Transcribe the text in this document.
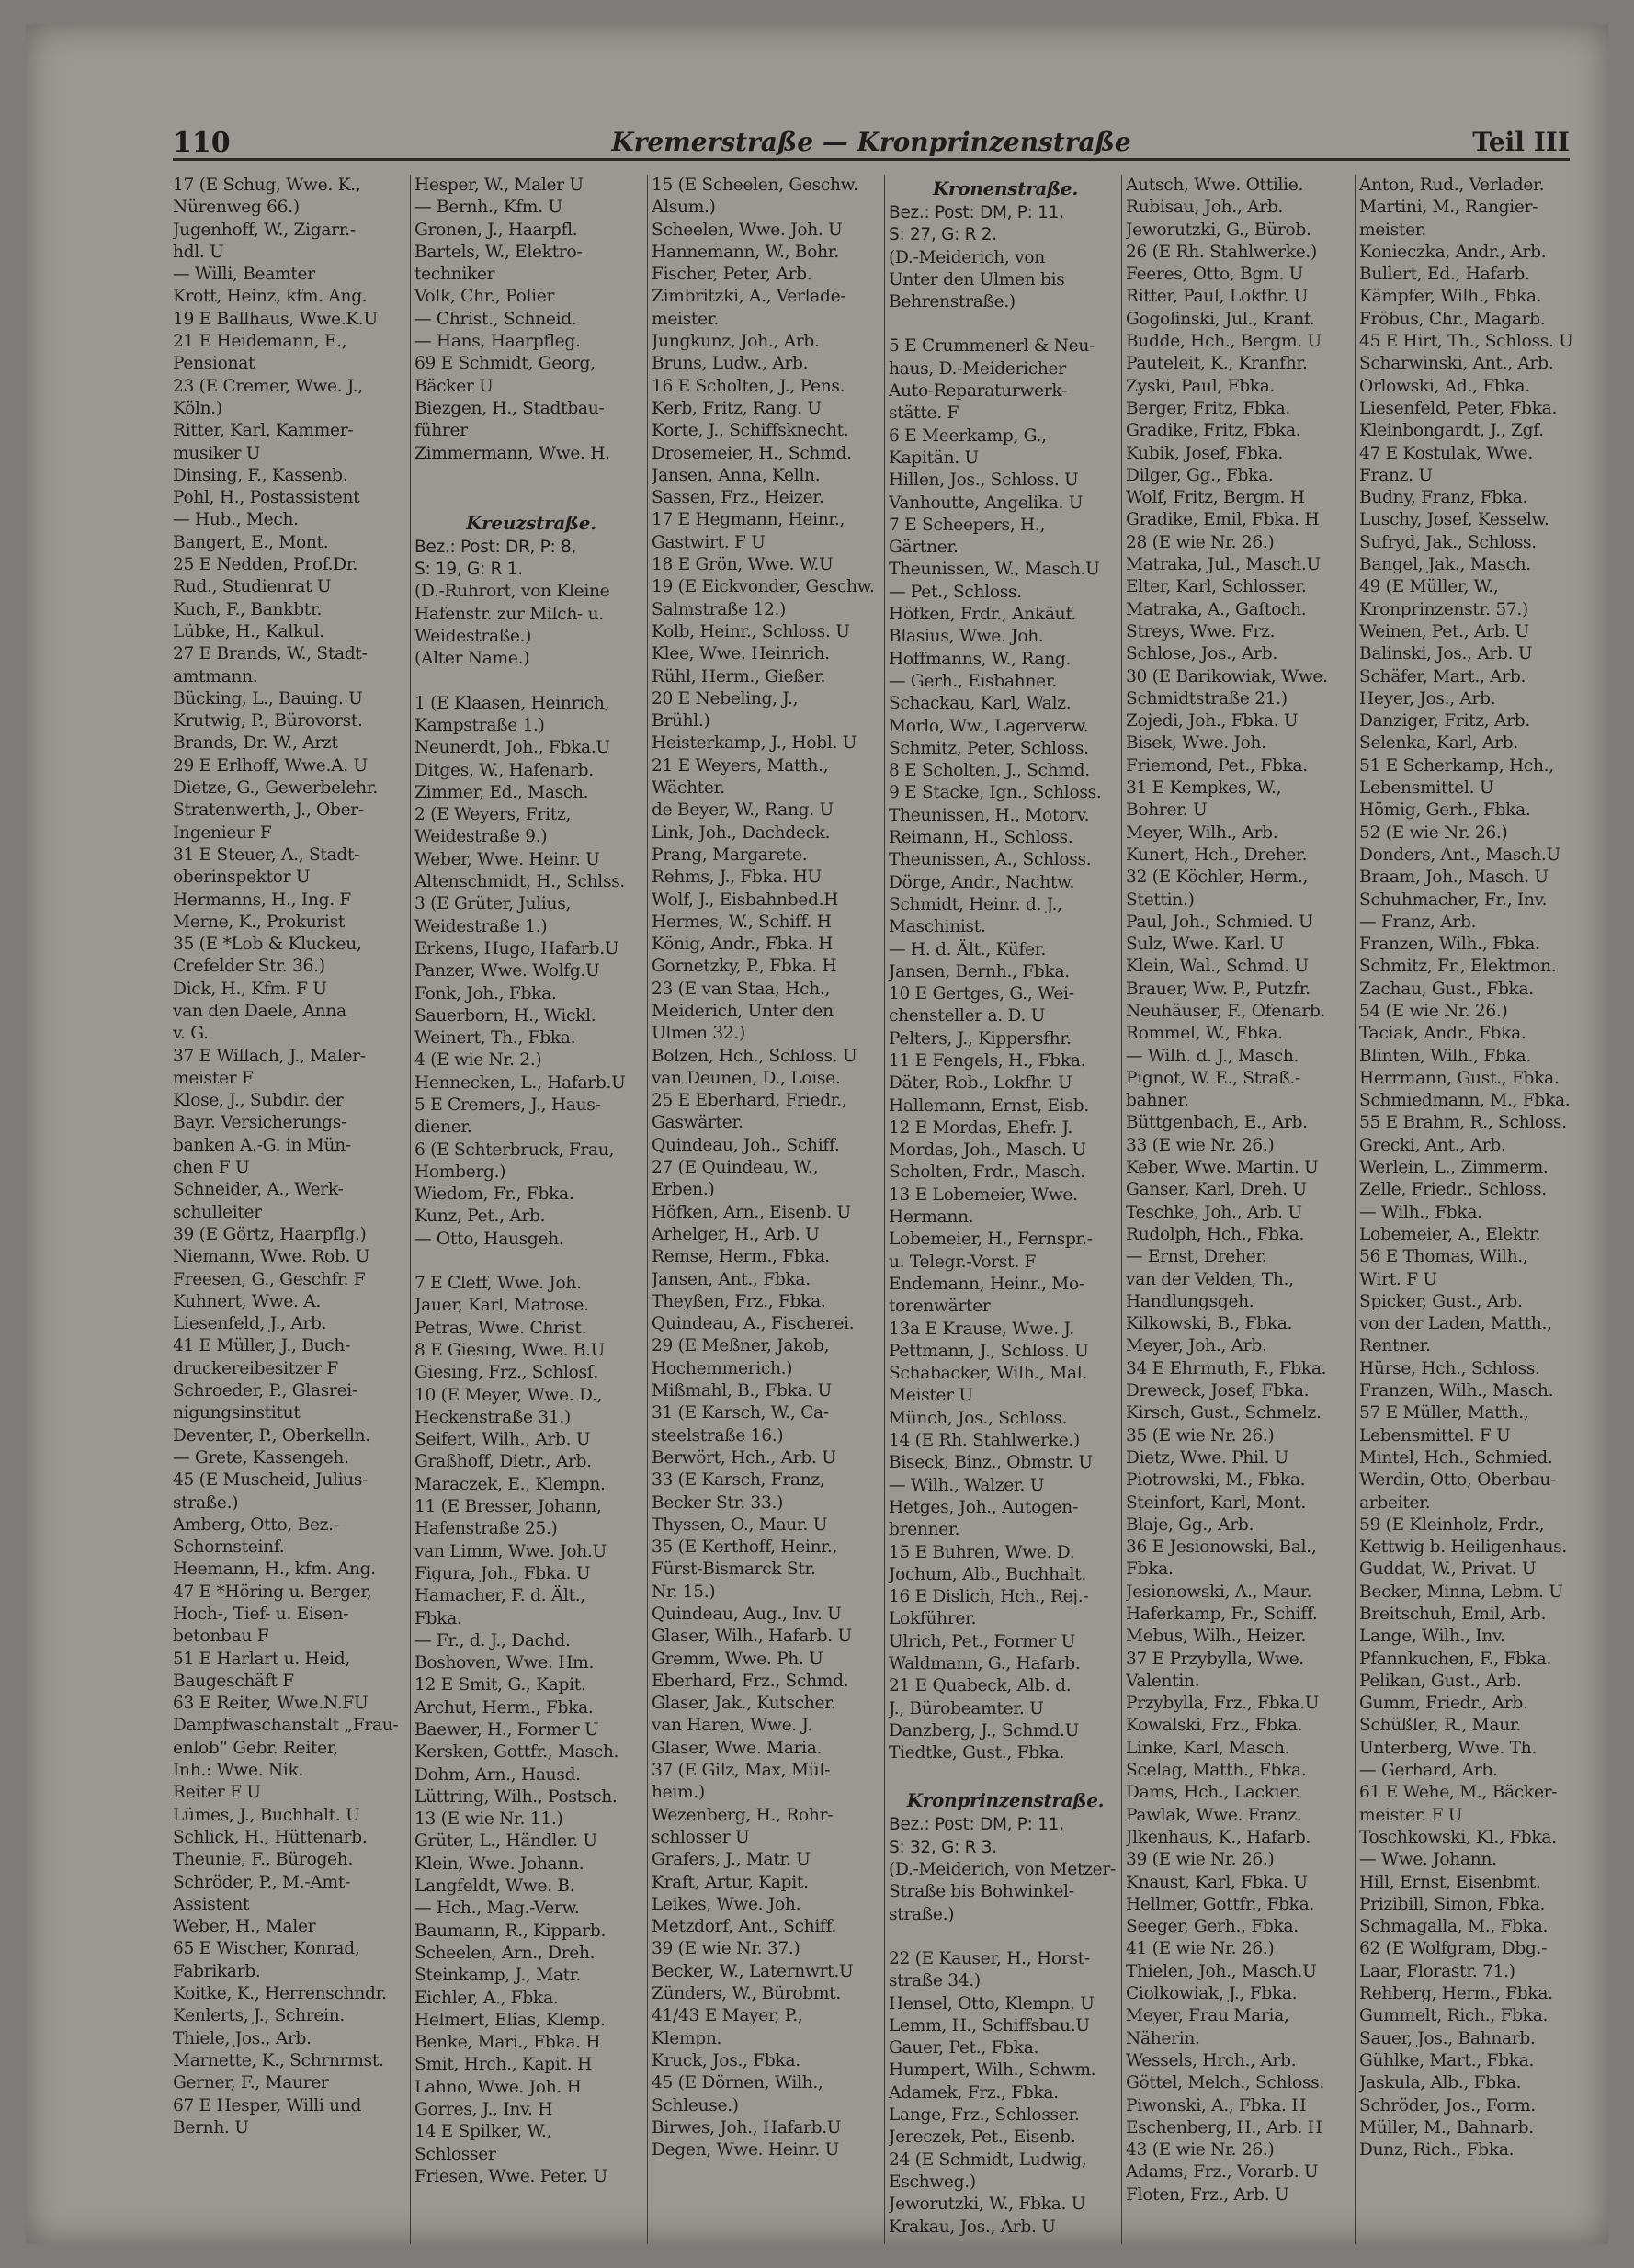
110	Kremerstraße — Kronprinzenstraße	Teil III
17 (E Schug, Wwe. K.,
Nürenweg 66.)
Jugenhoff, W., Zigarr.-
hdl. U
— Willi, Beamter
Krott, Heinz, kfm. Ang.
19 E Ballhaus, Wwe.K.U
21 E Heidemann, E.,
Pensionat
23 (E Cremer, Wwe. J.,
Köln.)
Ritter, Karl, Kammer-
musiker U
Dinsing, F., Kassenb.
Pohl, H., Postassistent
— Hub., Mech.
Bangert, E., Mont.
25 E Nedden, Prof.Dr.
Rud., Studienrat U
Kuch, F., Bankbtr.
Lübke, H., Kalkul.
27 E Brands, W., Stadt-
amtmann.
Bücking, L., Bauing. U
Krutwig, P., Bürovorst.
Brands, Dr. W., Arzt
29 E Erlhoff, Wwe.A. U
Dietze, G., Gewerbelehr.
Stratenwerth, J., Ober-
Ingenieur F
31 E Steuer, A., Stadt-
oberinspektor U
Hermanns, H., Ing. F
Merne, K., Prokurist
35 (E *Lob & Kluckeu,
Crefelder Str. 36.)
Dick, H., Kfm. F U
van den Daele, Anna
v. G.
37 E Willach, J., Maler-
meister F
Klose, J., Subdir. der
Bayr. Versicherungs-
banken A.-G. in Mün-
chen F U
Schneider, A., Werk-
schulleiter
39 (E Görtz, Haarpflg.)
Niemann, Wwe. Rob. U
Freesen, G., Geschfr. F
Kuhnert, Wwe. A.
Liesenfeld, J., Arb.
41 E Müller, J., Buch-
druckereibesitzer F
Schroeder, P., Glasrei-
nigungsinstitut
Deventer, P., Oberkelln.
— Grete, Kassengeh.
45 (E Muscheid, Julius-
straße.)
Amberg, Otto, Bez.-
Schornsteinf.
Heemann, H., kfm. Ang.
47 E *Höring u. Berger,
Hoch-, Tief- u. Eisen-
betonbau F
51 E Harlart u. Heid,
Baugeschäft F
63 E Reiter, Wwe.N.FU
Dampfwaschanstalt „Frau-
enlob“ Gebr. Reiter,
Inh.: Wwe. Nik.
Reiter F U
Lümes, J., Buchhalt. U
Schlick, H., Hüttenarb.
Theunie, F., Bürogeh.
Schröder, P., M.-Amt-
Assistent
Weber, H., Maler
65 E Wischer, Konrad,
Fabrikarb.
Koitke, K., Herrenschndr.
Kenlerts, J., Schrein.
Thiele, Jos., Arb.
Marnette, K., Schrnrmst.
Gerner, F., Maurer
67 E Hesper, Willi und
Bernh. U
Hesper, W., Maler U
— Bernh., Kfm. U
Gronen, J., Haarpfl.
Bartels, W., Elektro-
techniker
Volk, Chr., Polier
— Christ., Schneid.
— Hans, Haarpfleg.
69 E Schmidt, Georg,
Bäcker U
Biezgen, H., Stadtbau-
führer
Zimmermann, Wwe. H.
Kreuzstraße.
Bez.: Post: DR, P: 8,
S: 19, G: R 1.
(D.-Ruhrort, von Kleine
Hafenstr. zur Milch- u.
Weidestraße.)
(Alter Name.)
1 (E Klaasen, Heinrich,
Kampstraße 1.)
Neunerdt, Joh., Fbka.U
Ditges, W., Hafenarb.
Zimmer, Ed., Masch.
2 (E Weyers, Fritz,
Weidestraße 9.)
Weber, Wwe. Heinr. U
Altenschmidt, H., Schlss.
3 (E Grüter, Julius,
Weidestraße 1.)
Erkens, Hugo, Hafarb.U
Panzer, Wwe. Wolfg.U
Fonk, Joh., Fbka.
Sauerborn, H., Wickl.
Weinert, Th., Fbka.
4 (E wie Nr. 2.)
Hennecken, L., Hafarb.U
5 E Cremers, J., Haus-
diener.
6 (E Schterbruck, Frau,
Homberg.)
Wiedom, Fr., Fbka.
Kunz, Pet., Arb.
— Otto, Hausgeh.
7 E Cleff, Wwe. Joh.
Jauer, Karl, Matrose.
Petras, Wwe. Christ.
8 E Giesing, Wwe. B.U
Giesing, Frz., Schlosſ.
10 (E Meyer, Wwe. D.,
Heckenstraße 31.)
Seifert, Wilh., Arb. U
Graßhoff, Dietr., Arb.
Maraczek, E., Klempn.
11 (E Bresser, Johann,
Hafenstraße 25.)
van Limm, Wwe. Joh.U
Figura, Joh., Fbka. U
Hamacher, F. d. Ält.,
Fbka.
— Fr., d. J., Dachd.
Boshoven, Wwe. Hm.
12 E Smit, G., Kapit.
Archut, Herm., Fbka.
Baewer, H., Former U
Kersken, Gottfr., Masch.
Dohm, Arn., Hausd.
Lüttring, Wilh., Postsch.
13 (E wie Nr. 11.)
Grüter, L., Händler. U
Klein, Wwe. Johann.
Langfeldt, Wwe. B.
— Hch., Mag.-Verw.
Baumann, R., Kipparb.
Scheelen, Arn., Dreh.
Steinkamp, J., Matr.
Eichler, A., Fbka.
Helmert, Elias, Klemp.
Benke, Mari., Fbka. H
Smit, Hrch., Kapit. H
Lahno, Wwe. Joh. H
Gorres, J., Inv. H
14 E Spilker, W.,
Schlosser
Friesen, Wwe. Peter. U
15 (E Scheelen, Geschw.
Alsum.)
Scheelen, Wwe. Joh. U
Hannemann, W., Bohr.
Fischer, Peter, Arb.
Zimbritzki, A., Verlade-
meister.
Jungkunz, Joh., Arb.
Bruns, Ludw., Arb.
16 E Scholten, J., Pens.
Kerb, Fritz, Rang. U
Korte, J., Schiffsknecht.
Drosemeier, H., Schmd.
Jansen, Anna, Kelln.
Sassen, Frz., Heizer.
17 E Hegmann, Heinr.,
Gastwirt. F U
18 E Grön, Wwe. W.U
19 (E Eickvonder, Geschw.
Salmstraße 12.)
Kolb, Heinr., Schloss. U
Klee, Wwe. Heinrich.
Rühl, Herm., Gießer.
20 E Nebeling, J.,
Brühl.)
Heisterkamp, J., Hobl. U
21 E Weyers, Matth.,
Wächter.
de Beyer, W., Rang. U
Link, Joh., Dachdeck.
Prang, Margarete.
Rehms, J., Fbka. HU
Wolf, J., Eisbahnbed.H
Hermes, W., Schiff. H
König, Andr., Fbka. H
Gornetzky, P., Fbka. H
23 (E van Staa, Hch.,
Meiderich, Unter den
Ulmen 32.)
Bolzen, Hch., Schloss. U
van Deunen, D., Loise.
25 E Eberhard, Friedr.,
Gaswärter.
Quindeau, Joh., Schiff.
27 (E Quindeau, W.,
Erben.)
Höfken, Arn., Eisenb. U
Arhelger, H., Arb. U
Remse, Herm., Fbka.
Jansen, Ant., Fbka.
Theyßen, Frz., Fbka.
Quindeau, A., Fischerei.
29 (E Meßner, Jakob,
Hochemmerich.)
Mißmahl, B., Fbka. U
31 (E Karsch, W., Ca-
steelstraße 16.)
Berwört, Hch., Arb. U
33 (E Karsch, Franz,
Becker Str. 33.)
Thyssen, O., Maur. U
35 (E Kerthoff, Heinr.,
Fürst-Bismarck Str.
Nr. 15.)
Quindeau, Aug., Inv. U
Glaser, Wilh., Hafarb. U
Gremm, Wwe. Ph. U
Eberhard, Frz., Schmd.
Glaser, Jak., Kutscher.
van Haren, Wwe. J.
Glaser, Wwe. Maria.
37 (E Gilz, Max, Mül-
heim.)
Wezenberg, H., Rohr-
schlosser U
Grafers, J., Matr. U
Kraft, Artur, Kapit.
Leikes, Wwe. Joh.
Metzdorf, Ant., Schiff.
39 (E wie Nr. 37.)
Becker, W., Laternwrt.U
Zünders, W., Bürobmt.
41/43 E Mayer, P.,
Klempn.
Kruck, Jos., Fbka.
45 (E Dörnen, Wilh.,
Schleuse.)
Birwes, Joh., Hafarb.U
Degen, Wwe. Heinr. U
Kronenstraße.
Bez.: Post: DM, P: 11,
S: 27, G: R 2.
(D.-Meiderich, von
Unter den Ulmen bis
Behrenstraße.)
5 E Crummenerl & Neu-
haus, D.-Meidericher
Auto-Reparaturwerk-
stätte. F
6 E Meerkamp, G.,
Kapitän. U
Hillen, Jos., Schloss. U
Vanhoutte, Angelika. U
7 E Scheepers, H.,
Gärtner.
Theunissen, W., Masch.U
— Pet., Schloss.
Höfken, Frdr., Ankäuf.
Blasius, Wwe. Joh.
Hoffmanns, W., Rang.
— Gerh., Eisbahner.
Schackau, Karl, Walz.
Morlo, Ww., Lagerverw.
Schmitz, Peter, Schloss.
8 E Scholten, J., Schmd.
9 E Stacke, Ign., Schloss.
Theunissen, H., Motorv.
Reimann, H., Schloss.
Theunissen, A., Schloss.
Dörge, Andr., Nachtw.
Schmidt, Heinr. d. J.,
Maschinist.
— H. d. Ält., Küfer.
Jansen, Bernh., Fbka.
10 E Gertges, G., Wei-
chensteller a. D. U
Pelters, J., Kippersfhr.
11 E Fengels, H., Fbka.
Däter, Rob., Lokfhr. U
Hallemann, Ernst, Eisb.
12 E Mordas, Ehefr. J.
Mordas, Joh., Masch. U
Scholten, Frdr., Masch.
13 E Lobemeier, Wwe.
Hermann.
Lobemeier, H., Fernspr.-
u. Telegr.-Vorst. F
Endemann, Heinr., Mo-
torenwärter
13a E Krause, Wwe. J.
Pettmann, J., Schloss. U
Schabacker, Wilh., Mal.
Meister U
Münch, Jos., Schloss.
14 (E Rh. Stahlwerke.)
Biseck, Binz., Obmstr. U
— Wilh., Walzer. U
Hetges, Joh., Autogen-
brenner.
15 E Buhren, Wwe. D.
Jochum, Alb., Buchhalt.
16 E Dislich, Hch., Rej.-
Lokführer.
Ulrich, Pet., Former U
Waldmann, G., Hafarb.
21 E Quabeck, Alb. d.
J., Bürobeamter. U
Danzberg, J., Schmd.U
Tiedtke, Gust., Fbka.
Kronprinzenstraße.
Bez.: Post: DM, P: 11,
S: 32, G: R 3.
(D.-Meiderich, von Metzer-
Straße bis Bohwinkel-
straße.)
22 (E Kauser, H., Horst-
straße 34.)
Hensel, Otto, Klempn. U
Lemm, H., Schiffsbau.U
Gauer, Pet., Fbka.
Humpert, Wilh., Schwm.
Adamek, Frz., Fbka.
Lange, Frz., Schlosser.
Jereczek, Pet., Eisenb.
24 (E Schmidt, Ludwig,
Eschweg.)
Jeworutzki, W., Fbka. U
Krakau, Jos., Arb. U
Autsch, Wwe. Ottilie.
Rubisau, Joh., Arb.
Jeworutzki, G., Bürob.
26 (E Rh. Stahlwerke.)
Feeres, Otto, Bgm. U
Ritter, Paul, Lokfhr. U
Gogolinski, Jul., Kranf.
Budde, Hch., Bergm. U
Pauteleit, K., Kranfhr.
Zyski, Paul, Fbka.
Berger, Fritz, Fbka.
Gradike, Fritz, Fbka.
Kubik, Josef, Fbka.
Dilger, Gg., Fbka.
Wolf, Fritz, Bergm. H
Gradike, Emil, Fbka. H
28 (E wie Nr. 26.)
Matraka, Jul., Masch.U
Elter, Karl, Schlosser.
Matraka, A., Gaſtoch.
Streys, Wwe. Frz.
Schlose, Jos., Arb.
30 (E Barikowiak, Wwe.
Schmidtstraße 21.)
Zojedi, Joh., Fbka. U
Bisek, Wwe. Joh.
Friemond, Pet., Fbka.
31 E Kempkes, W.,
Bohrer. U
Meyer, Wilh., Arb.
Kunert, Hch., Dreher.
32 (E Köchler, Herm.,
Stettin.)
Paul, Joh., Schmied. U
Sulz, Wwe. Karl. U
Klein, Wal., Schmd. U
Brauer, Ww. P., Putzfr.
Neuhäuser, F., Ofenarb.
Rommel, W., Fbka.
— Wilh. d. J., Masch.
Pignot, W. E., Straß.-
bahner.
Büttgenbach, E., Arb.
33 (E wie Nr. 26.)
Keber, Wwe. Martin. U
Ganser, Karl, Dreh. U
Teschke, Joh., Arb. U
Rudolph, Hch., Fbka.
— Ernst, Dreher.
van der Velden, Th.,
Handlungsgeh.
Kilkowski, B., Fbka.
Meyer, Joh., Arb.
34 E Ehrmuth, F., Fbka.
Dreweck, Josef, Fbka.
Kirsch, Gust., Schmelz.
35 (E wie Nr. 26.)
Dietz, Wwe. Phil. U
Piotrowski, M., Fbka.
Steinfort, Karl, Mont.
Blaje, Gg., Arb.
36 E Jesionowski, Bal.,
Fbka.
Jesionowski, A., Maur.
Haferkamp, Fr., Schiff.
Mebus, Wilh., Heizer.
37 E Przybylla, Wwe.
Valentin.
Przybylla, Frz., Fbka.U
Kowalski, Frz., Fbka.
Linke, Karl, Masch.
Scelag, Matth., Fbka.
Dams, Hch., Lackier.
Pawlak, Wwe. Franz.
Jlkenhaus, K., Hafarb.
39 (E wie Nr. 26.)
Knaust, Karl, Fbka. U
Hellmer, Gottfr., Fbka.
Seeger, Gerh., Fbka.
41 (E wie Nr. 26.)
Thielen, Joh., Masch.U
Ciolkowiak, J., Fbka.
Meyer, Frau Maria,
Näherin.
Wessels, Hrch., Arb.
Göttel, Melch., Schloss.
Piwonski, A., Fbka. H
Eschenberg, H., Arb. H
43 (E wie Nr. 26.)
Adams, Frz., Vorarb. U
Floten, Frz., Arb. U
Anton, Rud., Verlader.
Martini, M., Rangier-
meister.
Konieczka, Andr., Arb.
Bullert, Ed., Hafarb.
Kämpfer, Wilh., Fbka.
Fröbus, Chr., Magarb.
45 E Hirt, Th., Schloss. U
Scharwinski, Ant., Arb.
Orlowski, Ad., Fbka.
Liesenfeld, Peter, Fbka.
Kleinbongardt, J., Zgf.
47 E Kostulak, Wwe.
Franz. U
Budny, Franz, Fbka.
Luschy, Josef, Kesselw.
Sufryd, Jak., Schloss.
Bangel, Jak., Masch.
49 (E Müller, W.,
Kronprinzenstr. 57.)
Weinen, Pet., Arb. U
Balinski, Jos., Arb. U
Schäfer, Mart., Arb.
Heyer, Jos., Arb.
Danziger, Fritz, Arb.
Selenka, Karl, Arb.
51 E Scherkamp, Hch.,
Lebensmittel. U
Hömig, Gerh., Fbka.
52 (E wie Nr. 26.)
Donders, Ant., Masch.U
Braam, Joh., Masch. U
Schuhmacher, Fr., Inv.
— Franz, Arb.
Franzen, Wilh., Fbka.
Schmitz, Fr., Elektmon.
Zachau, Gust., Fbka.
54 (E wie Nr. 26.)
Taciak, Andr., Fbka.
Blinten, Wilh., Fbka.
Herrmann, Gust., Fbka.
Schmiedmann, M., Fbka.
55 E Brahm, R., Schloss.
Grecki, Ant., Arb.
Werlein, L., Zimmerm.
Zelle, Friedr., Schloss.
— Wilh., Fbka.
Lobemeier, A., Elektr.
56 E Thomas, Wilh.,
Wirt. F U
Spicker, Gust., Arb.
von der Laden, Matth.,
Rentner.
Hürse, Hch., Schloss.
Franzen, Wilh., Masch.
57 E Müller, Matth.,
Lebensmittel. F U
Mintel, Hch., Schmied.
Werdin, Otto, Oberbau-
arbeiter.
59 (E Kleinholz, Frdr.,
Kettwig b. Heiligenhaus.
Guddat, W., Privat. U
Becker, Minna, Lebm. U
Breitschuh, Emil, Arb.
Lange, Wilh., Inv.
Pfannkuchen, F., Fbka.
Pelikan, Gust., Arb.
Gumm, Friedr., Arb.
Schüßler, R., Maur.
Unterberg, Wwe. Th.
— Gerhard, Arb.
61 E Wehe, M., Bäcker-
meister. F U
Toschkowski, Kl., Fbka.
— Wwe. Johann.
Hill, Ernst, Eisenbmt.
Prizibill, Simon, Fbka.
Schmagalla, M., Fbka.
62 (E Wolfgram, Dbg.-
Laar, Florastr. 71.)
Rehberg, Herm., Fbka.
Gummelt, Rich., Fbka.
Sauer, Jos., Bahnarb.
Gühlke, Mart., Fbka.
Jaskula, Alb., Fbka.
Schröder, Jos., Form.
Müller, M., Bahnarb.
Dunz, Rich., Fbka.
